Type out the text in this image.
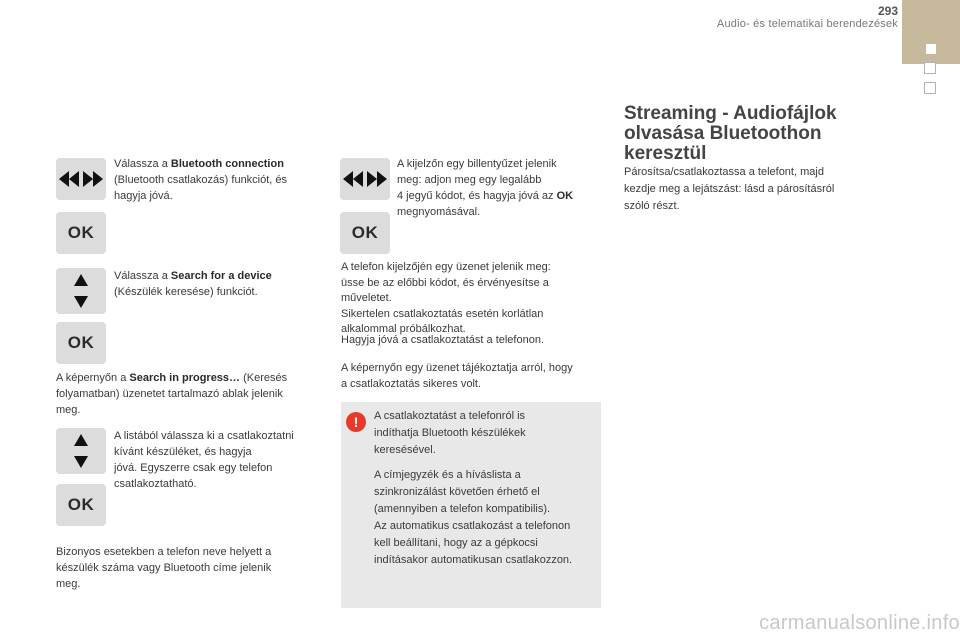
293
Audio- és telematikai berendezések
OK
OK
OK
Válassza a Bluetooth connection
(Bluetooth csatlakozás) funkciót, és
hagyja jóvá.
Válassza a Search for a device
(Készülék keresése) funkciót.
A képernyőn a Search in progress… (Keresés
folyamatban) üzenetet tartalmazó ablak jelenik
meg.
A listából válassza ki a csatlakoztatni
kívánt készüléket, és hagyja
jóvá. Egyszerre csak egy telefon
csatlakoztatható.
Bizonyos esetekben a telefon neve helyett a
készülék száma vagy Bluetooth címe jelenik
meg.
OK
A kijelzőn egy billentyűzet jelenik
meg: adjon meg egy legalább
4 jegyű kódot, és hagyja jóvá az OK
megnyomásával.
A telefon kijelzőjén egy üzenet jelenik meg:
üsse be az előbbi kódot, és érvényesítse a
műveletet.
Sikertelen csatlakoztatás esetén korlátlan
alkalommal próbálkozhat.
Hagyja jóvá a csatlakoztatást a telefonon.
A képernyőn egy üzenet tájékoztatja arról, hogy
a csatlakoztatás sikeres volt.
!	A csatlakoztatást a telefonról is
indíthatja Bluetooth készülékek
keresésével.
A címjegyzék és a híváslista a
szinkronizálást követően érhető el
(amennyiben a telefon kompatibilis).
Az automatikus csatlakozást a telefonon
kell beállítani, hogy az a gépkocsi
indításakor automatikusan csatlakozzon.
Streaming - Audiofájlok
olvasása Bluetoothon
keresztül
Párosítsa/csatlakoztassa a telefont, majd
kezdje meg a lejátszást: lásd a párosításról
szóló részt.
carmanualsonline.info
